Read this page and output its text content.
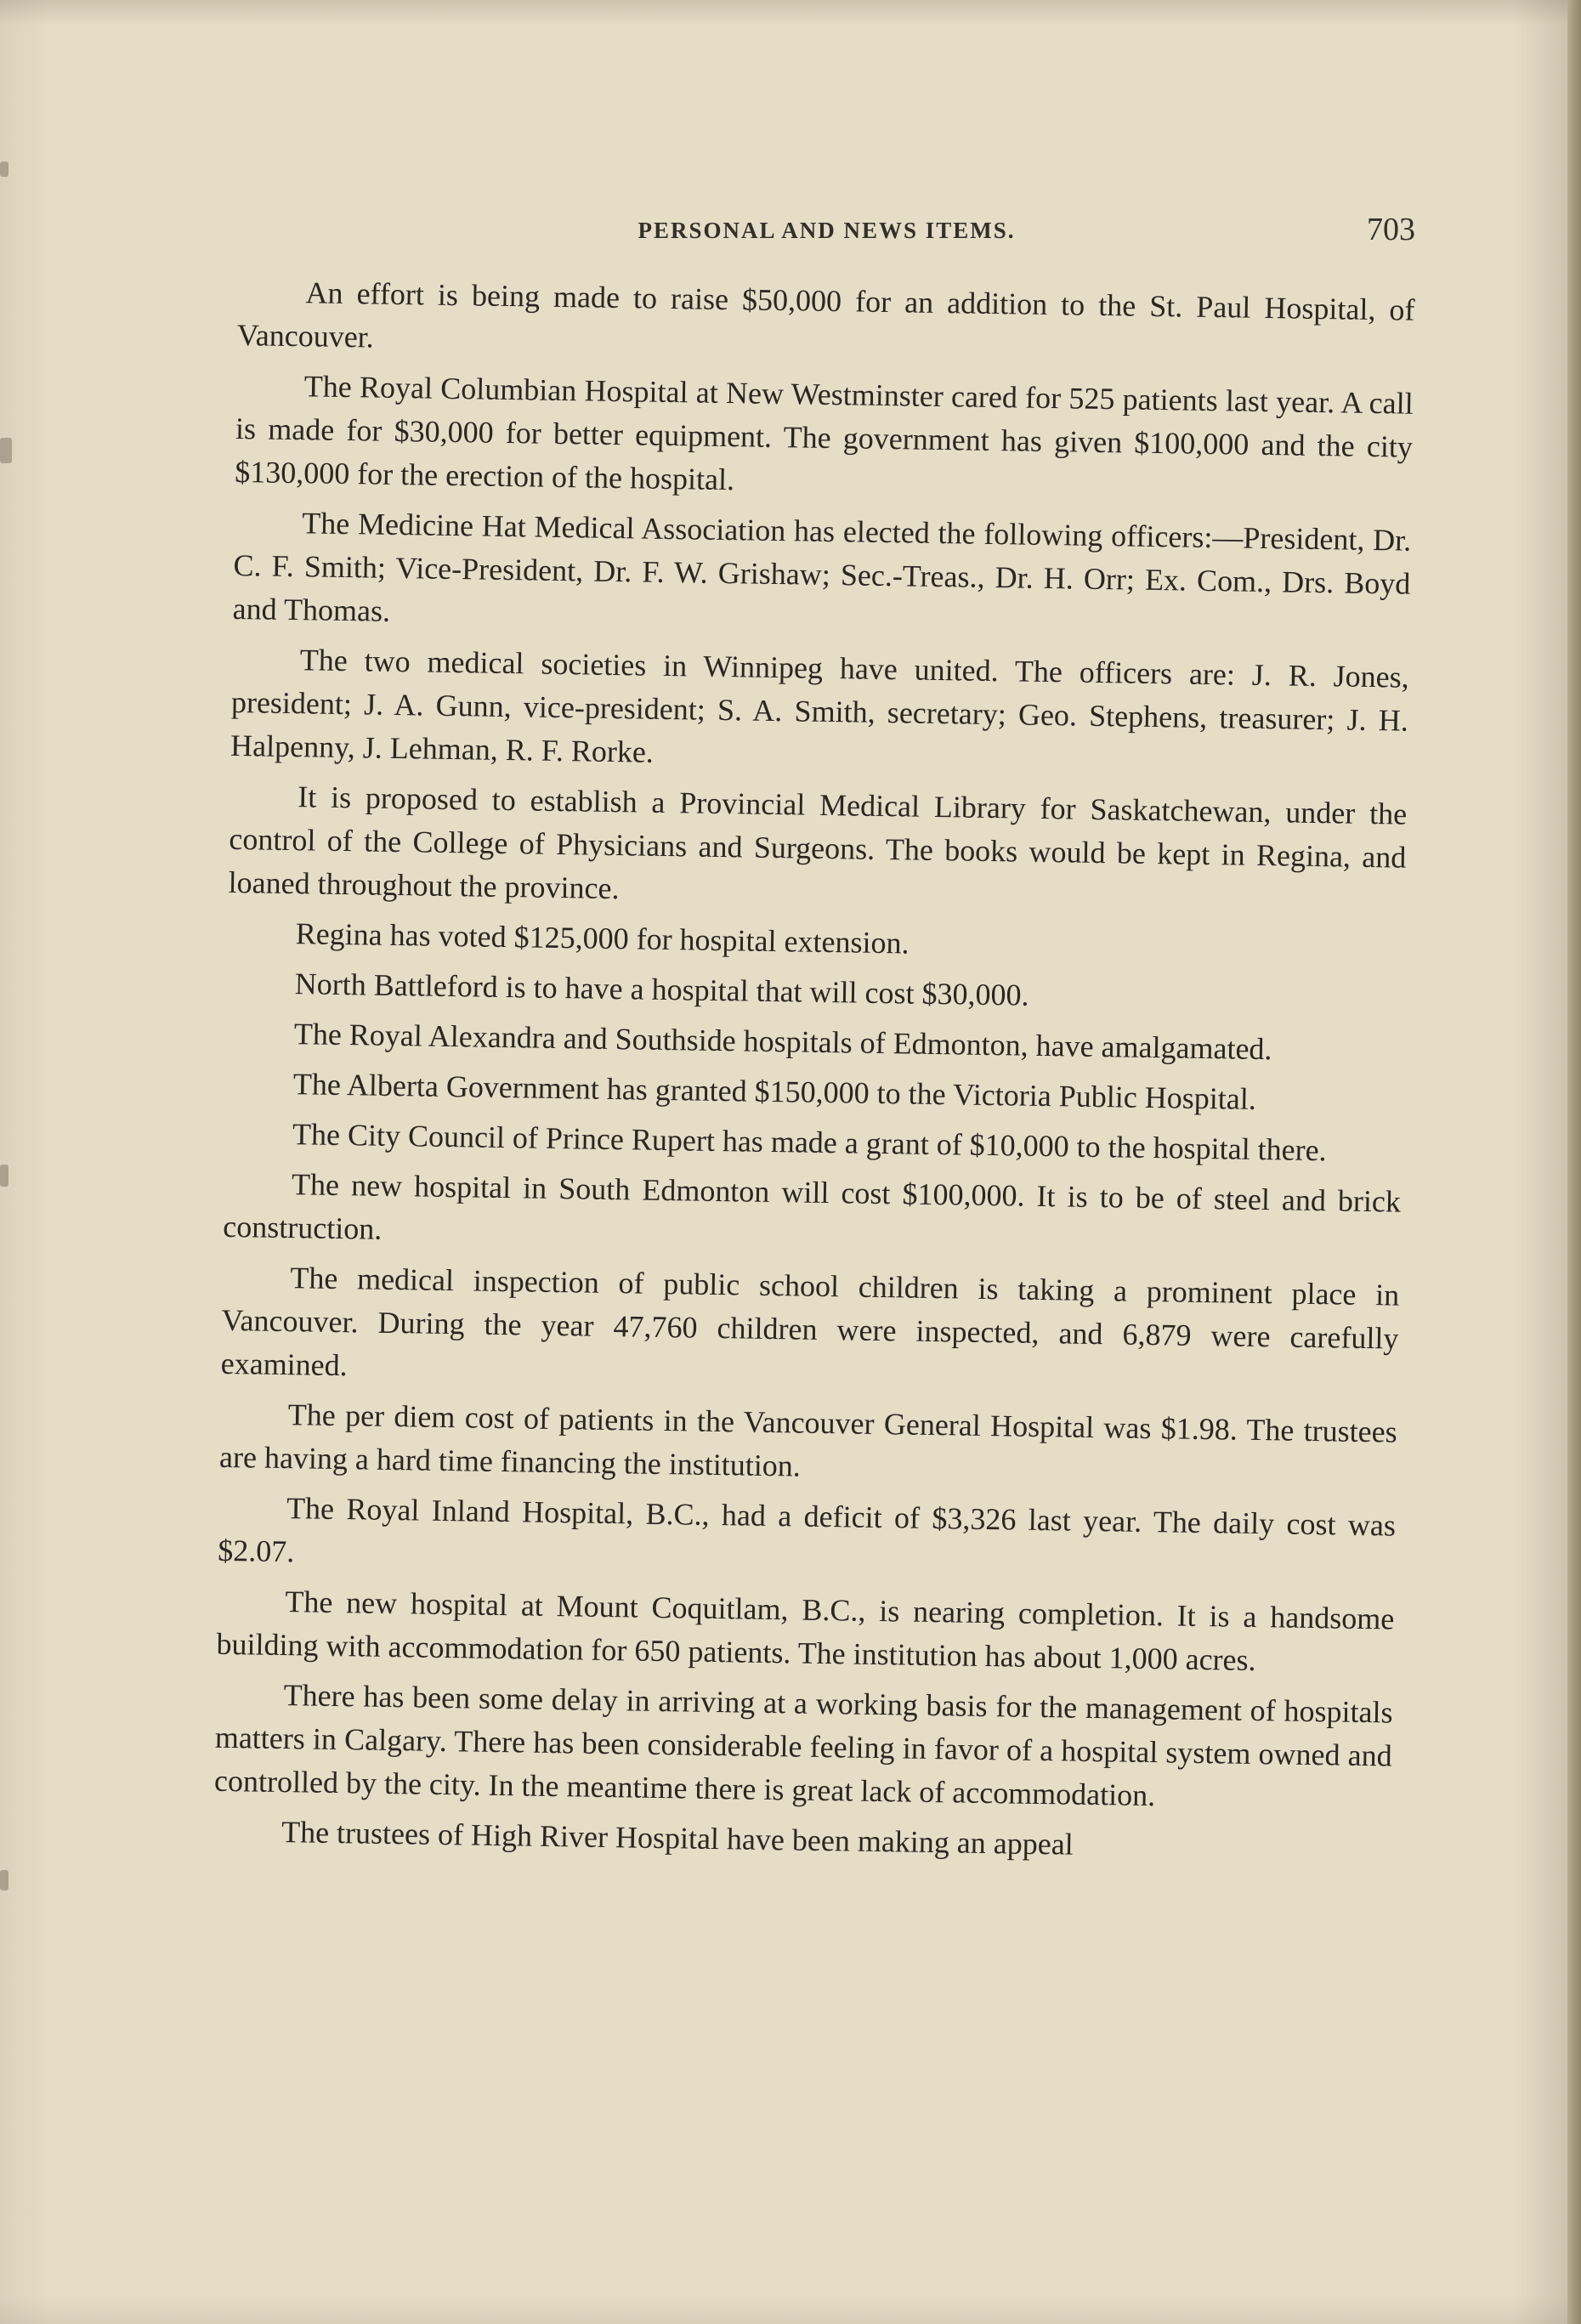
PERSONAL AND NEWS ITEMS.	703

An effort is being made to raise $50,000 for an addition to the St. Paul Hospital, of Vancouver.

The Royal Columbian Hospital at New Westminster cared for 525 patients last year. A call is made for $30,000 for better equipment. The government has given $100,000 and the city $130,000 for the erection of the hospital.

The Medicine Hat Medical Association has elected the following officers:—President, Dr. C. F. Smith; Vice-President, Dr. F. W. Grishaw; Sec.-Treas., Dr. H. Orr; Ex. Com., Drs. Boyd and Thomas.

The two medical societies in Winnipeg have united. The officers are: J. R. Jones, president; J. A. Gunn, vice-president; S. A. Smith, secretary; Geo. Stephens, treasurer; J. H. Halpenny, J. Lehman, R. F. Rorke.

It is proposed to establish a Provincial Medical Library for Saskatchewan, under the control of the College of Physicians and Surgeons. The books would be kept in Regina, and loaned throughout the province.

Regina has voted $125,000 for hospital extension.

North Battleford is to have a hospital that will cost $30,000.

The Royal Alexandra and Southside hospitals of Edmonton, have amalgamated.

The Alberta Government has granted $150,000 to the Victoria Public Hospital.

The City Council of Prince Rupert has made a grant of $10,000 to the hospital there.

The new hospital in South Edmonton will cost $100,000. It is to be of steel and brick construction.

The medical inspection of public school children is taking a prominent place in Vancouver. During the year 47,760 children were inspected, and 6,879 were carefully examined.

The per diem cost of patients in the Vancouver General Hospital was $1.98. The trustees are having a hard time financing the institution.

The Royal Inland Hospital, B.C., had a deficit of $3,326 last year. The daily cost was $2.07.

The new hospital at Mount Coquitlam, B.C., is nearing completion. It is a handsome building with accommodation for 650 patients. The institution has about 1,000 acres.

There has been some delay in arriving at a working basis for the management of hospitals matters in Calgary. There has been considerable feeling in favor of a hospital system owned and controlled by the city. In the meantime there is great lack of accommodation.

The trustees of High River Hospital have been making an appeal
